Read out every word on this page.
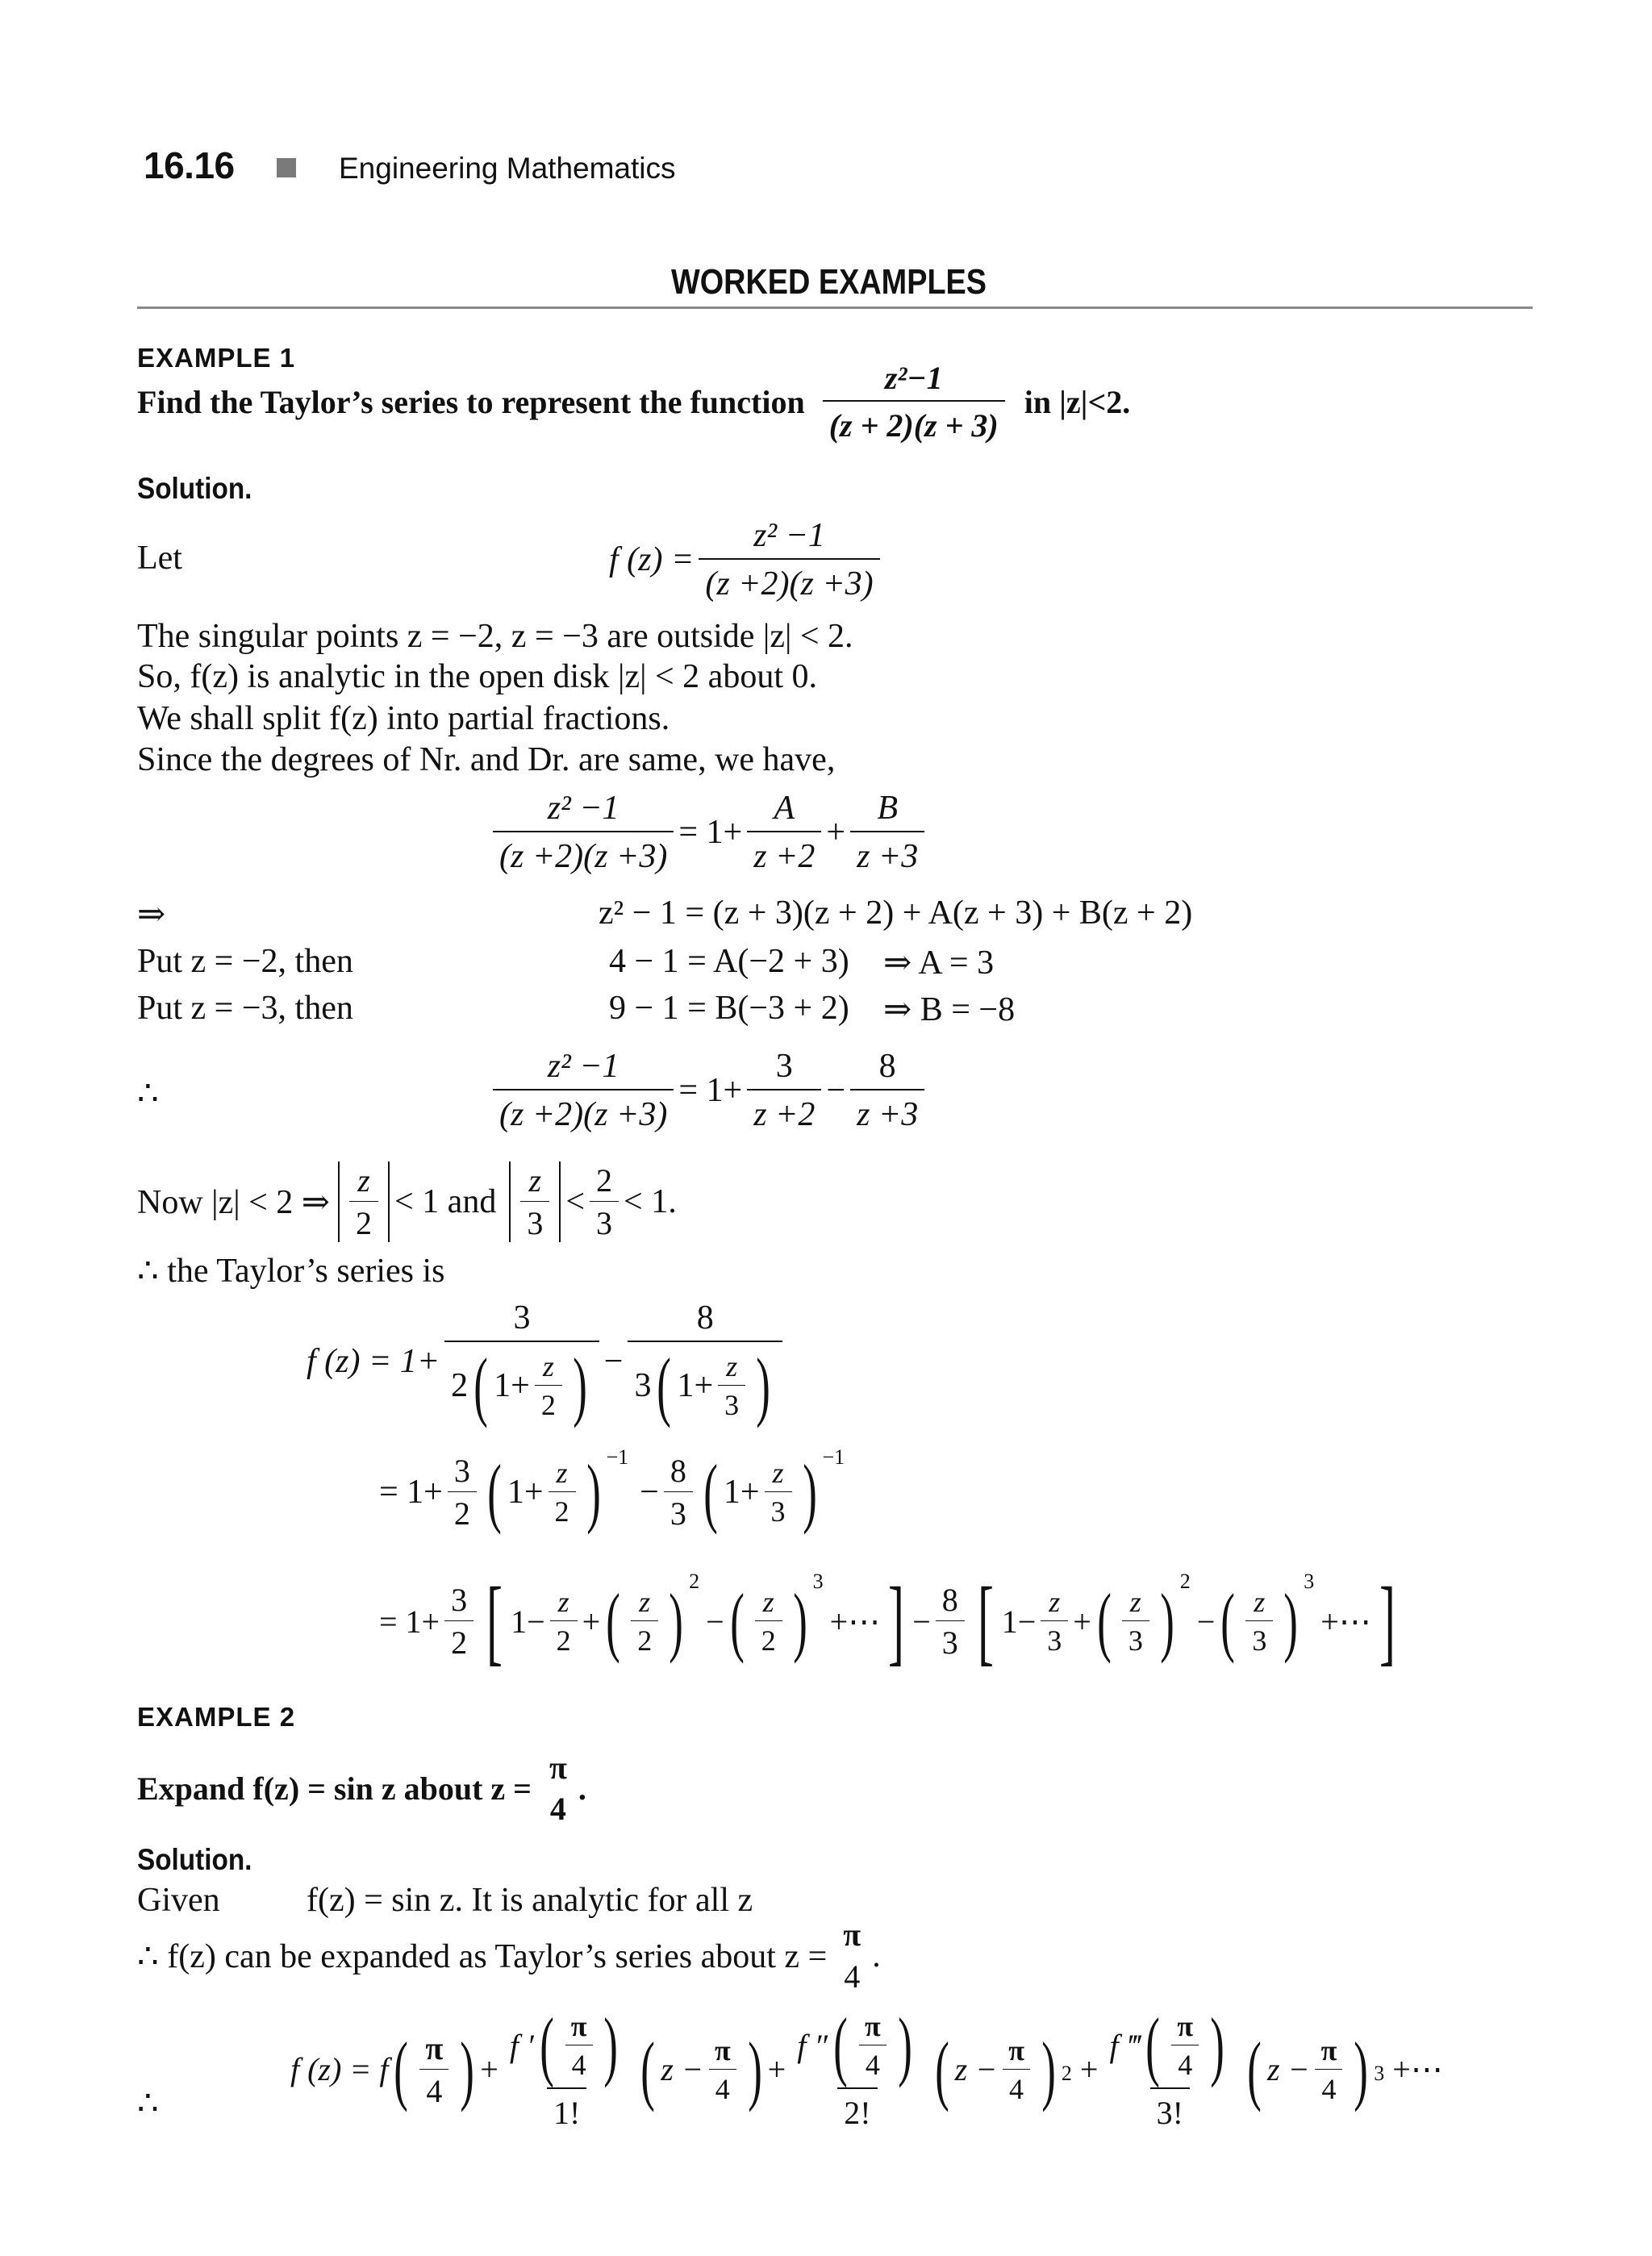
16.16	Engineering Mathematics
WORKED EXAMPLES
EXAMPLE 1
Find the Taylor’s series to represent the function $\frac{\text{z²−1}}{(z + 2)(z + 3)}$ in |z|<2.
Solution.
Let	f $(z) = \frac{\text{z² −1}}{(z +2)(z +3)}$
The singular points z = −2, z = −3 are outside |z| < 2.
So, f(z) is analytic in the open disk |z| < 2 about 0.
We shall split f(z) into partial fractions.
Since the degrees of Nr. and Dr. are same, we have,
$\frac{\text{z² −1}}{(z +2)(z +3)} = 1+ \frac{A}{z +2} + \frac{B}{z +3}$
⇒	z² − 1 = (z + 3)(z + 2) + A(z + 3) + B(z + 2)
Put z = −2, then	4 − 1 = A(−2 + 3) ⇒ A = 3
Put z = −3, then	9 − 1 = B(−3 + 2) ⇒ B = −8
∴	$\frac{\text{z² −1}}{(z +2)(z +3)} = 1+ \frac{3}{z +2} - \frac{8}{z +3}$
Now |z| < 2 ⇒ $\frac{z}{2} < 1$ and $\frac{z}{3} < \frac{2}{3} < 1$.
∴ the Taylor’s series is
f $(z) = 1+ \frac{3}{2 ( 1+ \frac{z}{2} )} - \frac{8}{3 ( 1+ \frac{z}{3} )}$
= $1+ \frac{3}{2}$ ( $1+ \frac{z}{2}$ ) $^{-1}$
− $\frac{8}{3}$ ( $1+ \frac{z}{3}$ ) $^{-1}$
= $1+ \frac{3}{2}$ [ $1- \frac{z}{2}$ + ( z
2 ) $^2$
− ( z
2 ) $^3$
+⋯ ] − $\frac{8}{3}$ [ $1- \frac{z}{3}$ + ( z
3 ) $^2$
− ( z
3 ) $^3$
+⋯ ]
EXAMPLE 2
Expand f(z) = sin z about z =
π
4
.
Solution.
Given	f(z) = sin z. It is analytic for all z
∴ f(z) can be expanded as Taylor’s series about z =
π
4
.
∴
f (z) = f ( π
4 ) + f ′ ( π
4 )
1! ( $z - \frac{\pi}{4}$ ) + f ″ ( π
4 )
2! ( $z - \frac{\pi}{4}$ ) 2 + f ‴ ( π
4 )
3! ( $z - \frac{\pi}{4}$ ) 3 +⋯
